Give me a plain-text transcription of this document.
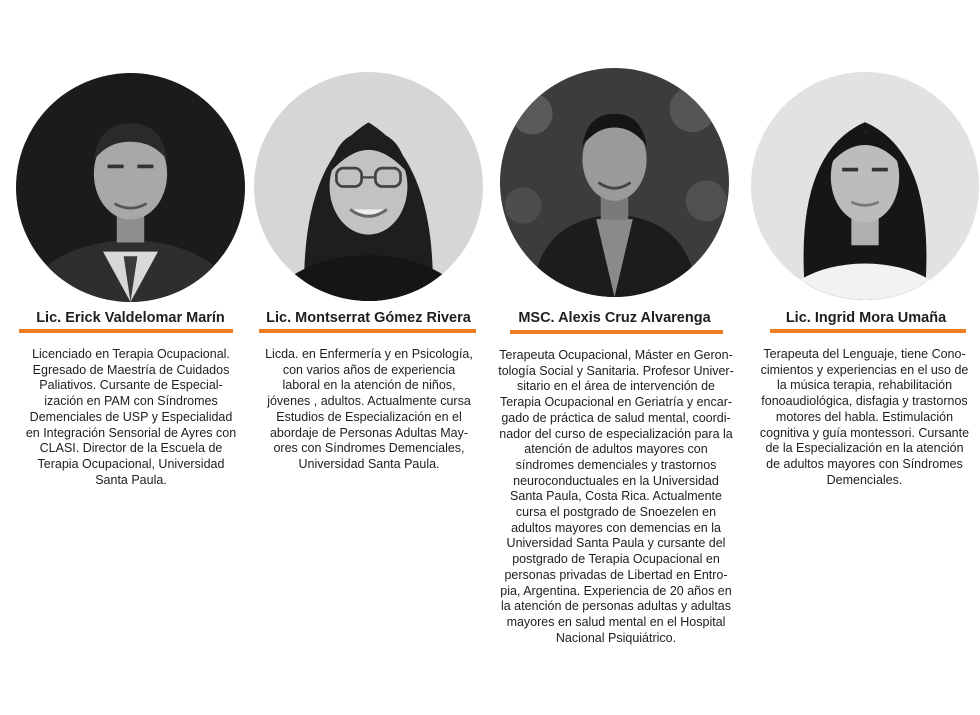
Lic. Erick Valdelomar Marín
Licenciado en Terapia Ocupacional.
Egresado de Maestría de Cuidados
Paliativos. Cursante de Especial-
ización en PAM con Síndromes
Demenciales de USP y Especialidad
en Integración Sensorial de Ayres con
CLASI. Director de la Escuela de
Terapia Ocupacional, Universidad
Santa Paula.
Lic. Montserrat Gómez Rivera
Licda. en Enfermería y en Psicología,
con varios años de experiencia
laboral en la atención de niños,
jóvenes , adultos. Actualmente cursa
Estudios de Especialización en el
abordaje de Personas Adultas May-
ores con Síndromes Demenciales,
Universidad Santa Paula.
MSC. Alexis Cruz Alvarenga
Terapeuta Ocupacional, Máster en Geron-
tología Social y Sanitaria. Profesor Univer-
sitario en el área de intervención de
Terapia Ocupacional en Geriatría y encar-
gado de práctica de salud mental, coordi-
nador del curso de especialización para la
atención de adultos mayores con
síndromes demenciales y trastornos
neuroconductuales en la Universidad
Santa Paula, Costa Rica. Actualmente
cursa el postgrado de Snoezelen en
adultos mayores con demencias en la
Universidad Santa Paula y cursante del
postgrado de Terapia Ocupacional en
personas privadas de Libertad en Entro-
pia, Argentina. Experiencia de 20 años en
la atención de personas adultas y adultas
mayores en salud mental en el Hospital
Nacional Psiquiátrico.
Lic. Ingrid Mora Umaña
Terapeuta del Lenguaje, tiene Cono-
cimientos y experiencias en el uso de
la música terapia, rehabilitación
fonoaudiológica, disfagia y trastornos
motores del habla. Estimulación
cognitiva y guía montessori. Cursante
de la Especialización en la atención
de adultos mayores con Síndromes
Demenciales.
